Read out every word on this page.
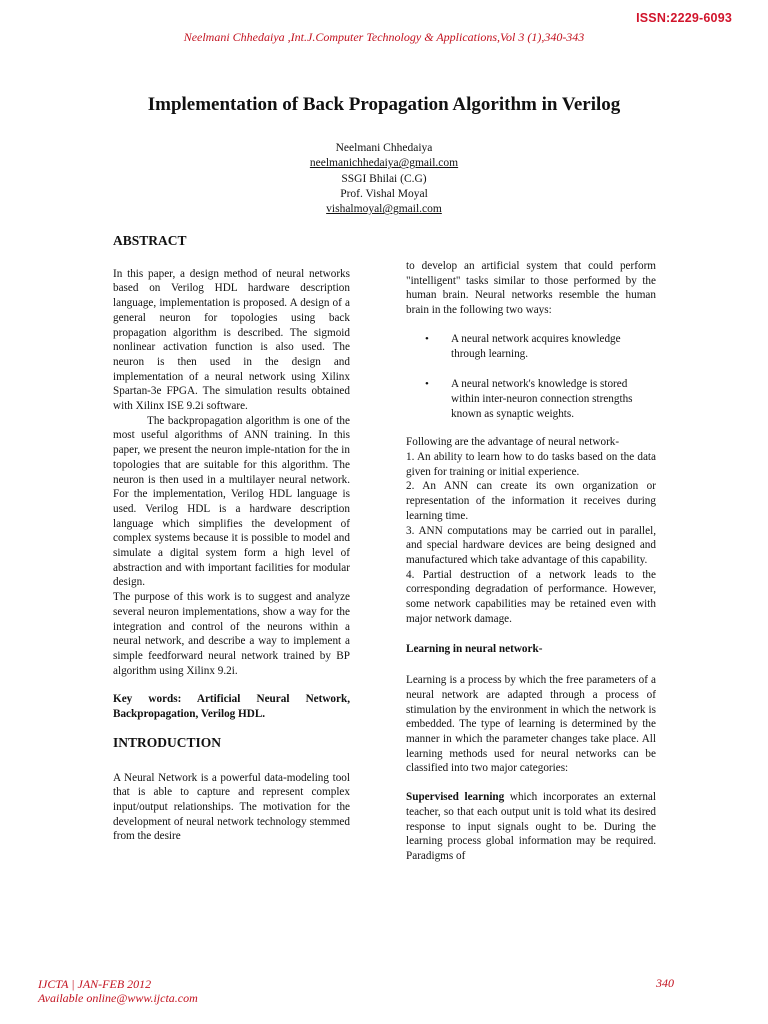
ISSN:2229-6093
Neelmani Chhedaiya ,Int.J.Computer Technology & Applications,Vol 3 (1),340-343
Implementation of Back Propagation Algorithm in Verilog
Neelmani Chhedaiya
neelmanichhedaiya@gmail.com
SSGI Bhilai (C.G)
Prof. Vishal Moyal
vishalmoyal@gmail.com

ABSTRACT

In this paper, a design method of neural networks based on Verilog HDL hardware description language, implementation is proposed. A design of a general neuron for topologies using back propagation algorithm is described. The sigmoid nonlinear activation function is also used. The neuron is then used in the design and implementation of a neural network using Xilinx Spartan-3e FPGA. The simulation results obtained with Xilinx ISE 9.2i software.

The backpropagation algorithm is one of the most useful algorithms of ANN training. In this paper, we present the neuron imple-ntation for the in topologies that are suitable for this algorithm. The neuron is then used in a multilayer neural network. For the implementation, Verilog HDL language is used. Verilog HDL is a hardware description language which simplifies the development of complex systems because it is possible to model and simulate a digital system form a high level of abstraction and with important facilities for modular design.

The purpose of this work is to suggest and analyze several neuron implementations, show a way for the integration and control of the neurons within a neural network, and describe a way to implement a simple feedforward neural network trained by BP algorithm using Xilinx 9.2i.

Key words: Artificial Neural Network, Backpropagation, Verilog HDL.

INTRODUCTION

A Neural Network is a powerful data-modeling tool that is able to capture and represent complex input/output relationships. The motivation for the development of neural network technology stemmed from the desire

to develop an artificial system that could perform "intelligent" tasks similar to those performed by the human brain. Neural networks resemble the human brain in the following two ways:

• A neural network acquires knowledge through learning.

• A neural network's knowledge is stored within inter-neuron connection strengths known as synaptic weights.

Following are the advantage of neural network-

1. An ability to learn how to do tasks based on the data given for training or initial experience.

2. An ANN can create its own organization or representation of the information it receives during learning time.

3. ANN computations may be carried out in parallel, and special hardware devices are being designed and manufactured which take advantage of this capability.

4. Partial destruction of a network leads to the corresponding degradation of performance. However, some network capabilities may be retained even with major network damage.

Learning in neural network-

Learning is a process by which the free parameters of a neural network are adapted through a process of stimulation by the environment in which the network is embedded. The type of learning is determined by the manner in which the parameter changes take place. All learning methods used for neural networks can be classified into two major categories:

Supervised learning which incorporates an external teacher, so that each output unit is told what its desired response to input signals ought to be. During the learning process global information may be required. Paradigms of

IJCTA | JAN-FEB 2012
Available online@www.ijcta.com
340
